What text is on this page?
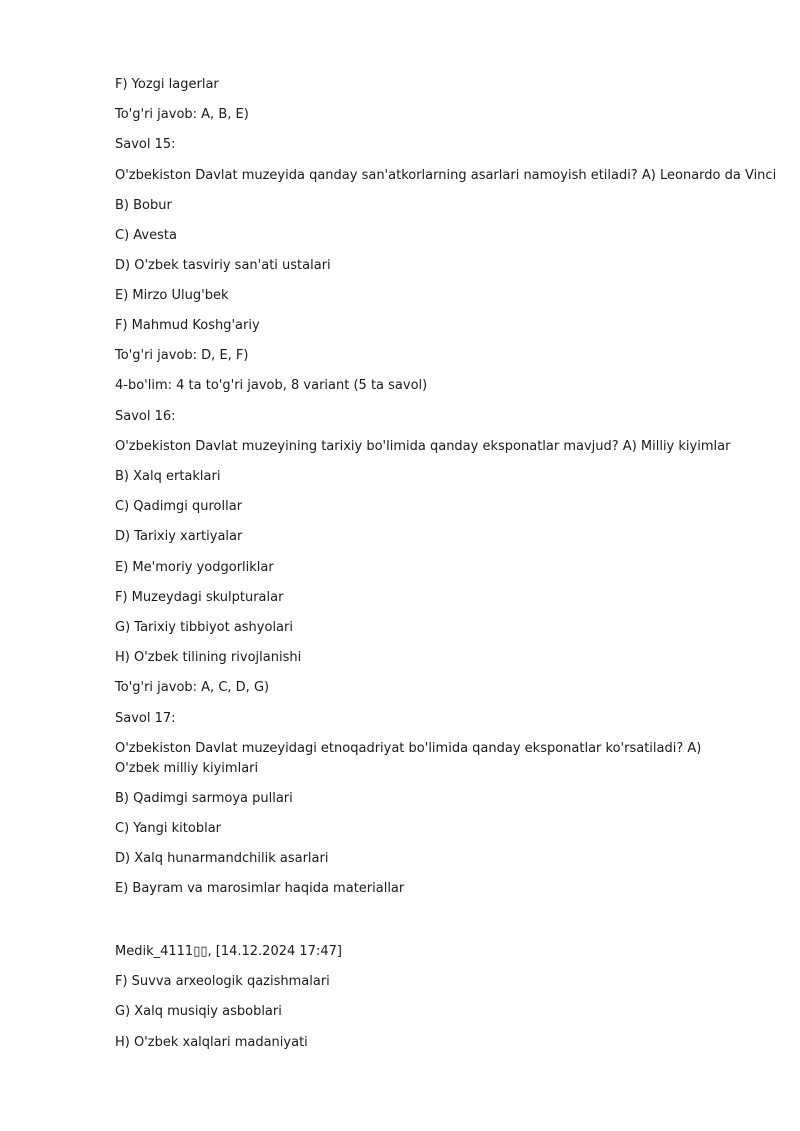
F) Yozgi lagerlar
To'g'ri javob: A, B, E)
Savol 15:
O'zbekiston Davlat muzeyida qanday san'atkorlarning asarlari namoyish etiladi? A) Leonardo da Vinci
B) Bobur
C) Avesta
D) O'zbek tasviriy san'ati ustalari
E) Mirzo Ulug'bek
F) Mahmud Koshg'ariy
To'g'ri javob: D, E, F)
4-bo'lim: 4 ta to'g'ri javob, 8 variant (5 ta savol)
Savol 16:
O'zbekiston Davlat muzeyining tarixiy bo'limida qanday eksponatlar mavjud? A) Milliy kiyimlar
B) Xalq ertaklari
C) Qadimgi qurollar
D) Tarixiy xartiyalar
E) Me'moriy yodgorliklar
F) Muzeydagi skulpturalar
G) Tarixiy tibbiyot ashyolari
H) O'zbek tilining rivojlanishi
To'g'ri javob: A, C, D, G)
Savol 17:
O'zbekiston Davlat muzeyidagi etnoqadriyat bo'limida qanday eksponatlar ko'rsatiladi? A) O'zbek milliy kiyimlari
B) Qadimgi sarmoya pullari
C) Yangi kitoblar
D) Xalq hunarmandchilik asarlari
E) Bayram va marosimlar haqida materiallar
Medik_4111▯▯, [14.12.2024 17:47]
F) Suvva arxeologik qazishmalari
G) Xalq musiqiy asboblari
H) O'zbek xalqlari madaniyati
